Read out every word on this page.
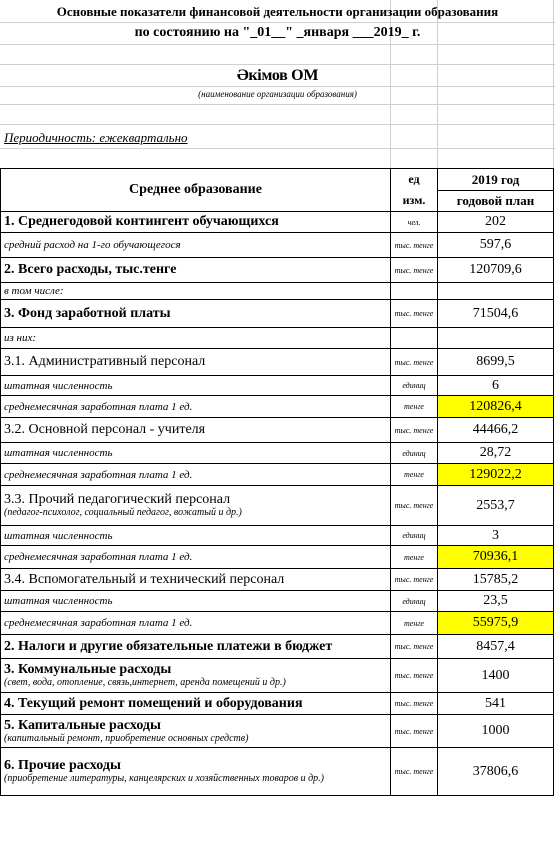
Основные показатели финансовой деятельности организации образования
по состоянию на "_01__" _января ___2019_ г.
Әкімов ОМ
(наименование организации образования)
Периодичность: ежеквартально
Среднее образование	ед	2019 год
	изм.	годовой план
1. Среднегодовой контингент обучающихся	чел.	202
средний расход на 1-го обучающегося	тыс. тенге	597,6
2. Всего расходы, тыс.тенге	тыс. тенге	120709,6
в том числе:		
3. Фонд заработной платы	тыс. тенге	71504,6
из них:		
3.1. Административный персонал	тыс. тенге	8699,5
штатная численность	единиц	6
среднемесячная заработная плата 1 ед.	тенге	120826,4
3.2. Основной персонал - учителя	тыс. тенге	44466,2
штатная численность	единиц	28,72
среднемесячная заработная плата 1 ед.	тенге	129022,2
3.3. Прочий педагогический персонал
(педагог-психолог, социальный педагог, вожатый и др.)	тыс. тенге	2553,7
штатная численность	единиц	3
среднемесячная заработная плата 1 ед.	тенге	70936,1
3.4. Вспомогательный и технический персонал	тыс. тенге	15785,2
штатная численность	единиц	23,5
среднемесячная заработная плата 1 ед.	тенге	55975,9
2. Налоги и другие обязательные платежи в бюджет	тыс. тенге	8457,4
3. Коммунальные расходы
(свет, вода, отопление, связь,интернет, аренда помещений и др.)	тыс. тенге	1400
4. Текущий ремонт помещений и оборудования	тыс. тенге	541
5. Капитальные расходы
(капитальный ремонт, приобретение основных средств)	тыс. тенге	1000
6. Прочие расходы
(приобретение литературы, канцелярских и хозяйственных товаров и др.)	тыс. тенге	37806,6
